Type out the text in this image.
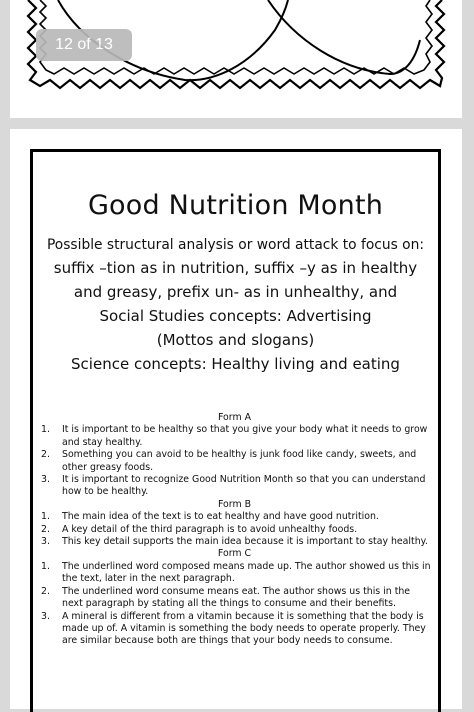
12 of 13
Good Nutrition Month
Possible structural analysis or word attack to focus on:
suffix –tion as in nutrition, suffix –y as in healthy
and greasy, prefix un- as in unhealthy, and
Social Studies concepts: Advertising
(Mottos and slogans)
Science concepts: Healthy living and eating
Form A
1. It is important to be healthy so that you give your body what it needs to grow and stay healthy.
2. Something you can avoid to be healthy is junk food like candy, sweets, and other greasy foods.
3. It is important to recognize Good Nutrition Month so that you can understand how to be healthy.
Form B
1. The main idea of the text is to eat healthy and have good nutrition.
2. A key detail of the third paragraph is to avoid unhealthy foods.
3. This key detail supports the main idea because it is important to stay healthy.
Form C
1. The underlined word composed means made up. The author showed us this in the text, later in the next paragraph.
2. The underlined word consume means eat. The author shows us this in the next paragraph by stating all the things to consume and their benefits.
3. A mineral is different from a vitamin because it is something that the body is made up of. A vitamin is something the body needs to operate properly. They are similar because both are things that your body needs to consume.
